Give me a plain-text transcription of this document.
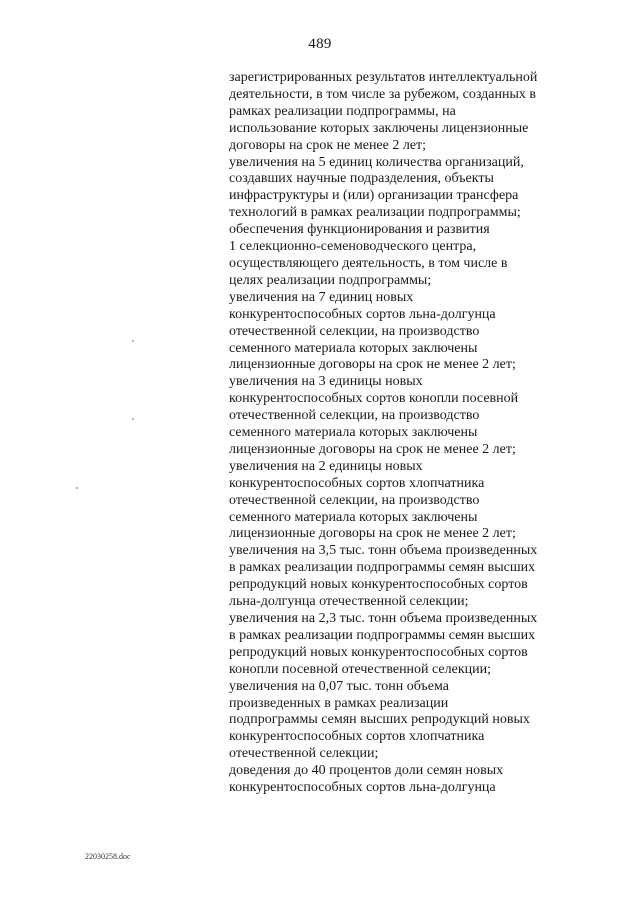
489
зарегистрированных результатов интеллектуальной
деятельности, в том числе за рубежом, созданных в
рамках реализации подпрограммы, на
использование которых заключены лицензионные
договоры на срок не менее 2 лет;
увеличения на 5 единиц количества организаций,
создавших научные подразделения, объекты
инфраструктуры и (или) организации трансфера
технологий в рамках реализации подпрограммы;
обеспечения функционирования и развития
1 селекционно-семеноводческого центра,
осуществляющего деятельность, в том числе в
целях реализации подпрограммы;
увеличения на 7 единиц новых
конкурентоспособных сортов льна-долгунца
отечественной селекции, на производство
семенного материала которых заключены
лицензионные договоры на срок не менее 2 лет;
увеличения на 3 единицы новых
конкурентоспособных сортов конопли посевной
отечественной селекции, на производство
семенного материала которых заключены
лицензионные договоры на срок не менее 2 лет;
увеличения на 2 единицы новых
конкурентоспособных сортов хлопчатника
отечественной селекции, на производство
семенного материала которых заключены
лицензионные договоры на срок не менее 2 лет;
увеличения на 3,5 тыс. тонн объема произведенных
в рамках реализации подпрограммы семян высших
репродукций новых конкурентоспособных сортов
льна-долгунца отечественной селекции;
увеличения на 2,3 тыс. тонн объема произведенных
в рамках реализации подпрограммы семян высших
репродукций новых конкурентоспособных сортов
конопли посевной отечественной селекции;
увеличения на 0,07 тыс. тонн объема
произведенных в рамках реализации
подпрограммы семян высших репродукций новых
конкурентоспособных сортов хлопчатника
отечественной селекции;
доведения до 40 процентов доли семян новых
конкурентоспособных сортов льна-долгунца
22030258.doc
